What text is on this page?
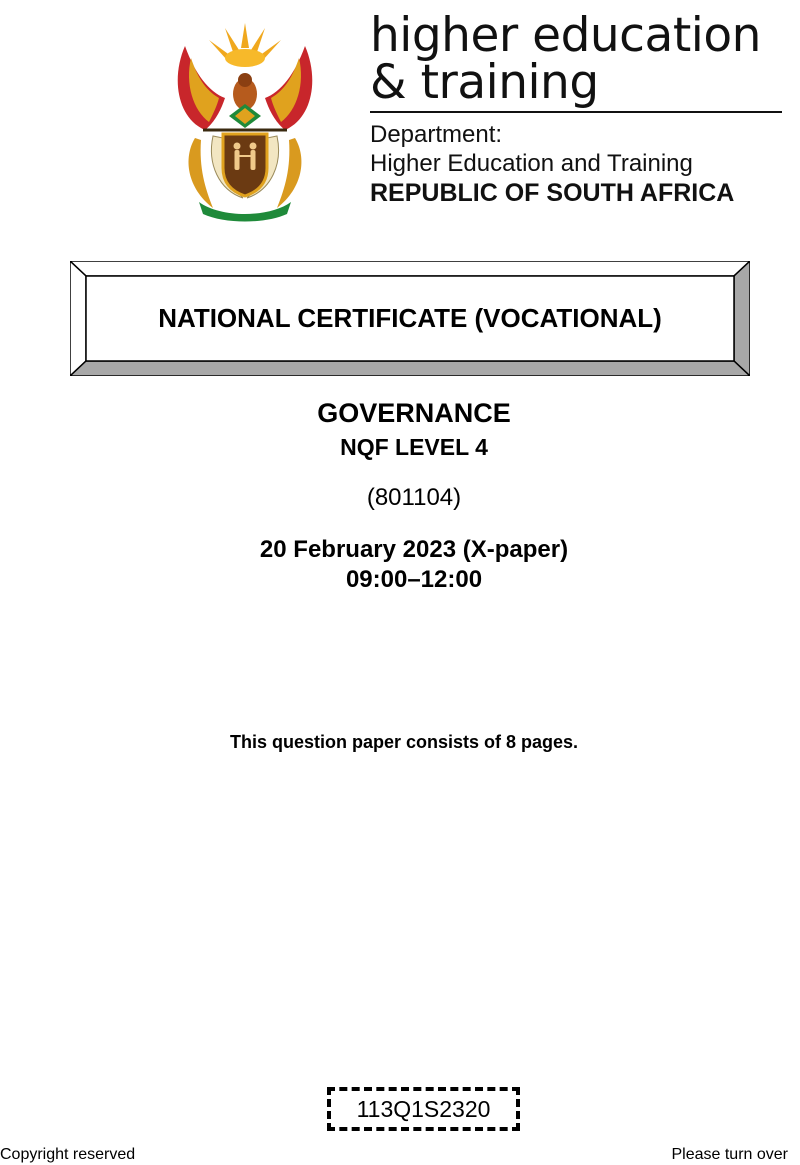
higher education
& training
Department:
Higher Education and Training
REPUBLIC OF SOUTH AFRICA
NATIONAL CERTIFICATE (VOCATIONAL)
GOVERNANCE
NQF LEVEL 4
(801104)
20 February 2023 (X-paper)
09:00–12:00
This question paper consists of 8 pages.
113Q1S2320
Copyright reserved	Please turn over
